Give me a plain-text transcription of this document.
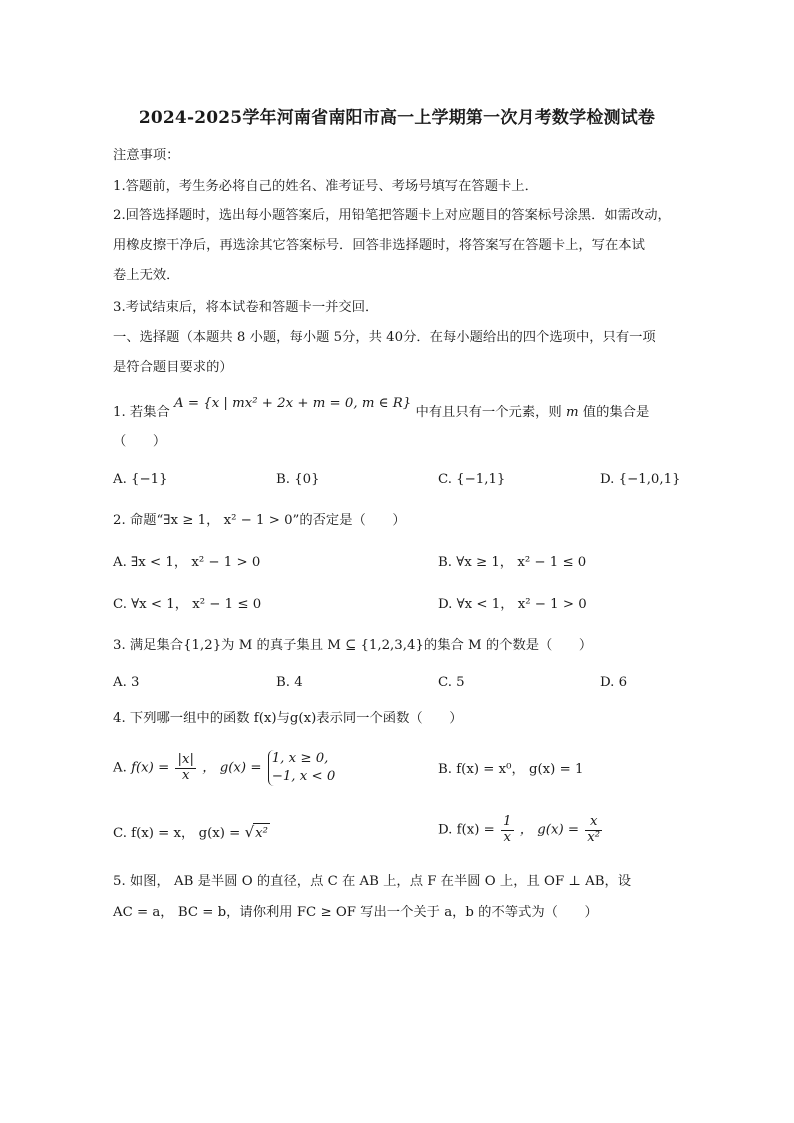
2024-2025学年河南省南阳市高一上学期第一次月考数学检测试卷
注意事项：
1.答题前，考生务必将自己的姓名、准考证号、考场号填写在答题卡上．
2.回答选择题时，选出每小题答案后，用铅笔把答题卡上对应题目的答案标号涂黑．如需改动，
用橡皮擦干净后，再选涂其它答案标号．回答非选择题时，将答案写在答题卡上，写在本试
卷上无效．
3.考试结束后，将本试卷和答题卡一并交回．
一、选择题（本题共 8 小题，每小题 5分，共 40分．在每小题给出的四个选项中，只有一项
是符合题目要求的）
1. 若集合 A = {x | mx² + 2x + m = 0, m ∈ R} 中有且只有一个元素，则 m 值的集合是
（　　）
A. {−1}	B. {0}	C. {−1,1}	D. {−1,0,1}
2. 命题“∃x ≥ 1， x² − 1 > 0”的否定是（　　）
A. ∃x < 1， x² − 1 > 0	B. ∀x ≥ 1， x² − 1 ≤ 0
C. ∀x < 1， x² − 1 ≤ 0	D. ∀x < 1， x² − 1 > 0
3. 满足集合{1,2}为 M 的真子集且 M ⊆ {1,2,3,4}的集合 M 的个数是（　　）
A. 3	B. 4	C. 5	D. 6
4. 下列哪一组中的函数 f(x)与g(x)表示同一个函数（　　）
A. $f(x) = \frac{|x|}{x}$ ， g(x) =
1, x ≥ 0,
−1, x < 0	B. f(x) = x⁰， g(x) = 1
C. f(x) = x， g(x) = √x²	D. $f(x) = \frac{1}{x}$ ， $g(x) = \frac{x}{\text{x²}}$
5. 如图， AB 是半圆 O 的直径，点 C 在 AB 上，点 F 在半圆 O 上，且 OF ⊥ AB，设
AC = a， BC = b，请你利用 FC ≥ OF 写出一个关于 a，b 的不等式为（　　）
